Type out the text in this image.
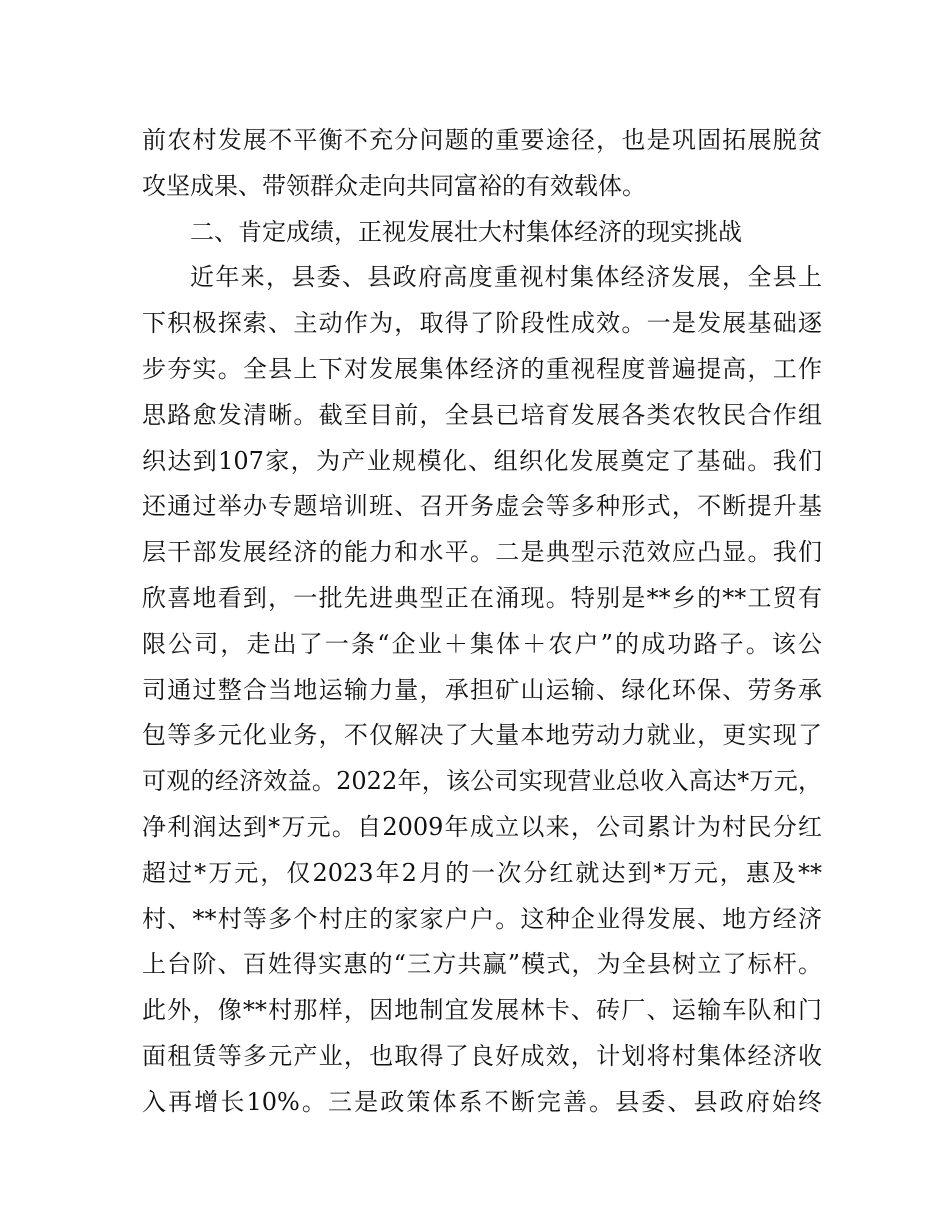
前农村发展不平衡不充分问题的重要途径，也是巩固拓展脱贫
攻坚成果、带领群众走向共同富裕的有效载体。
二、肯定成绩，正视发展壮大村集体经济的现实挑战
近年来，县委、县政府高度重视村集体经济发展，全县上
下积极探索、主动作为，取得了阶段性成效。一是发展基础逐
步夯实。全县上下对发展集体经济的重视程度普遍提高，工作
思路愈发清晰。截至目前，全县已培育发展各类农牧民合作组
织达到107家，为产业规模化、组织化发展奠定了基础。我们
还通过举办专题培训班、召开务虚会等多种形式，不断提升基
层干部发展经济的能力和水平。二是典型示范效应凸显。我们
欣喜地看到，一批先进典型正在涌现。特别是**乡的**工贸有
限公司，走出了一条“企业＋集体＋农户”的成功路子。该公
司通过整合当地运输力量，承担矿山运输、绿化环保、劳务承
包等多元化业务，不仅解决了大量本地劳动力就业，更实现了
可观的经济效益。2022年，该公司实现营业总收入高达*万元，
净利润达到*万元。自2009年成立以来，公司累计为村民分红
超过*万元，仅2023年2月的一次分红就达到*万元，惠及**
村、**村等多个村庄的家家户户。这种企业得发展、地方经济
上台阶、百姓得实惠的“三方共赢”模式，为全县树立了标杆。
此外，像**村那样，因地制宜发展林卡、砖厂、运输车队和门
面租赁等多元产业，也取得了良好成效，计划将村集体经济收
入再增长10%。三是政策体系不断完善。县委、县政府始终
